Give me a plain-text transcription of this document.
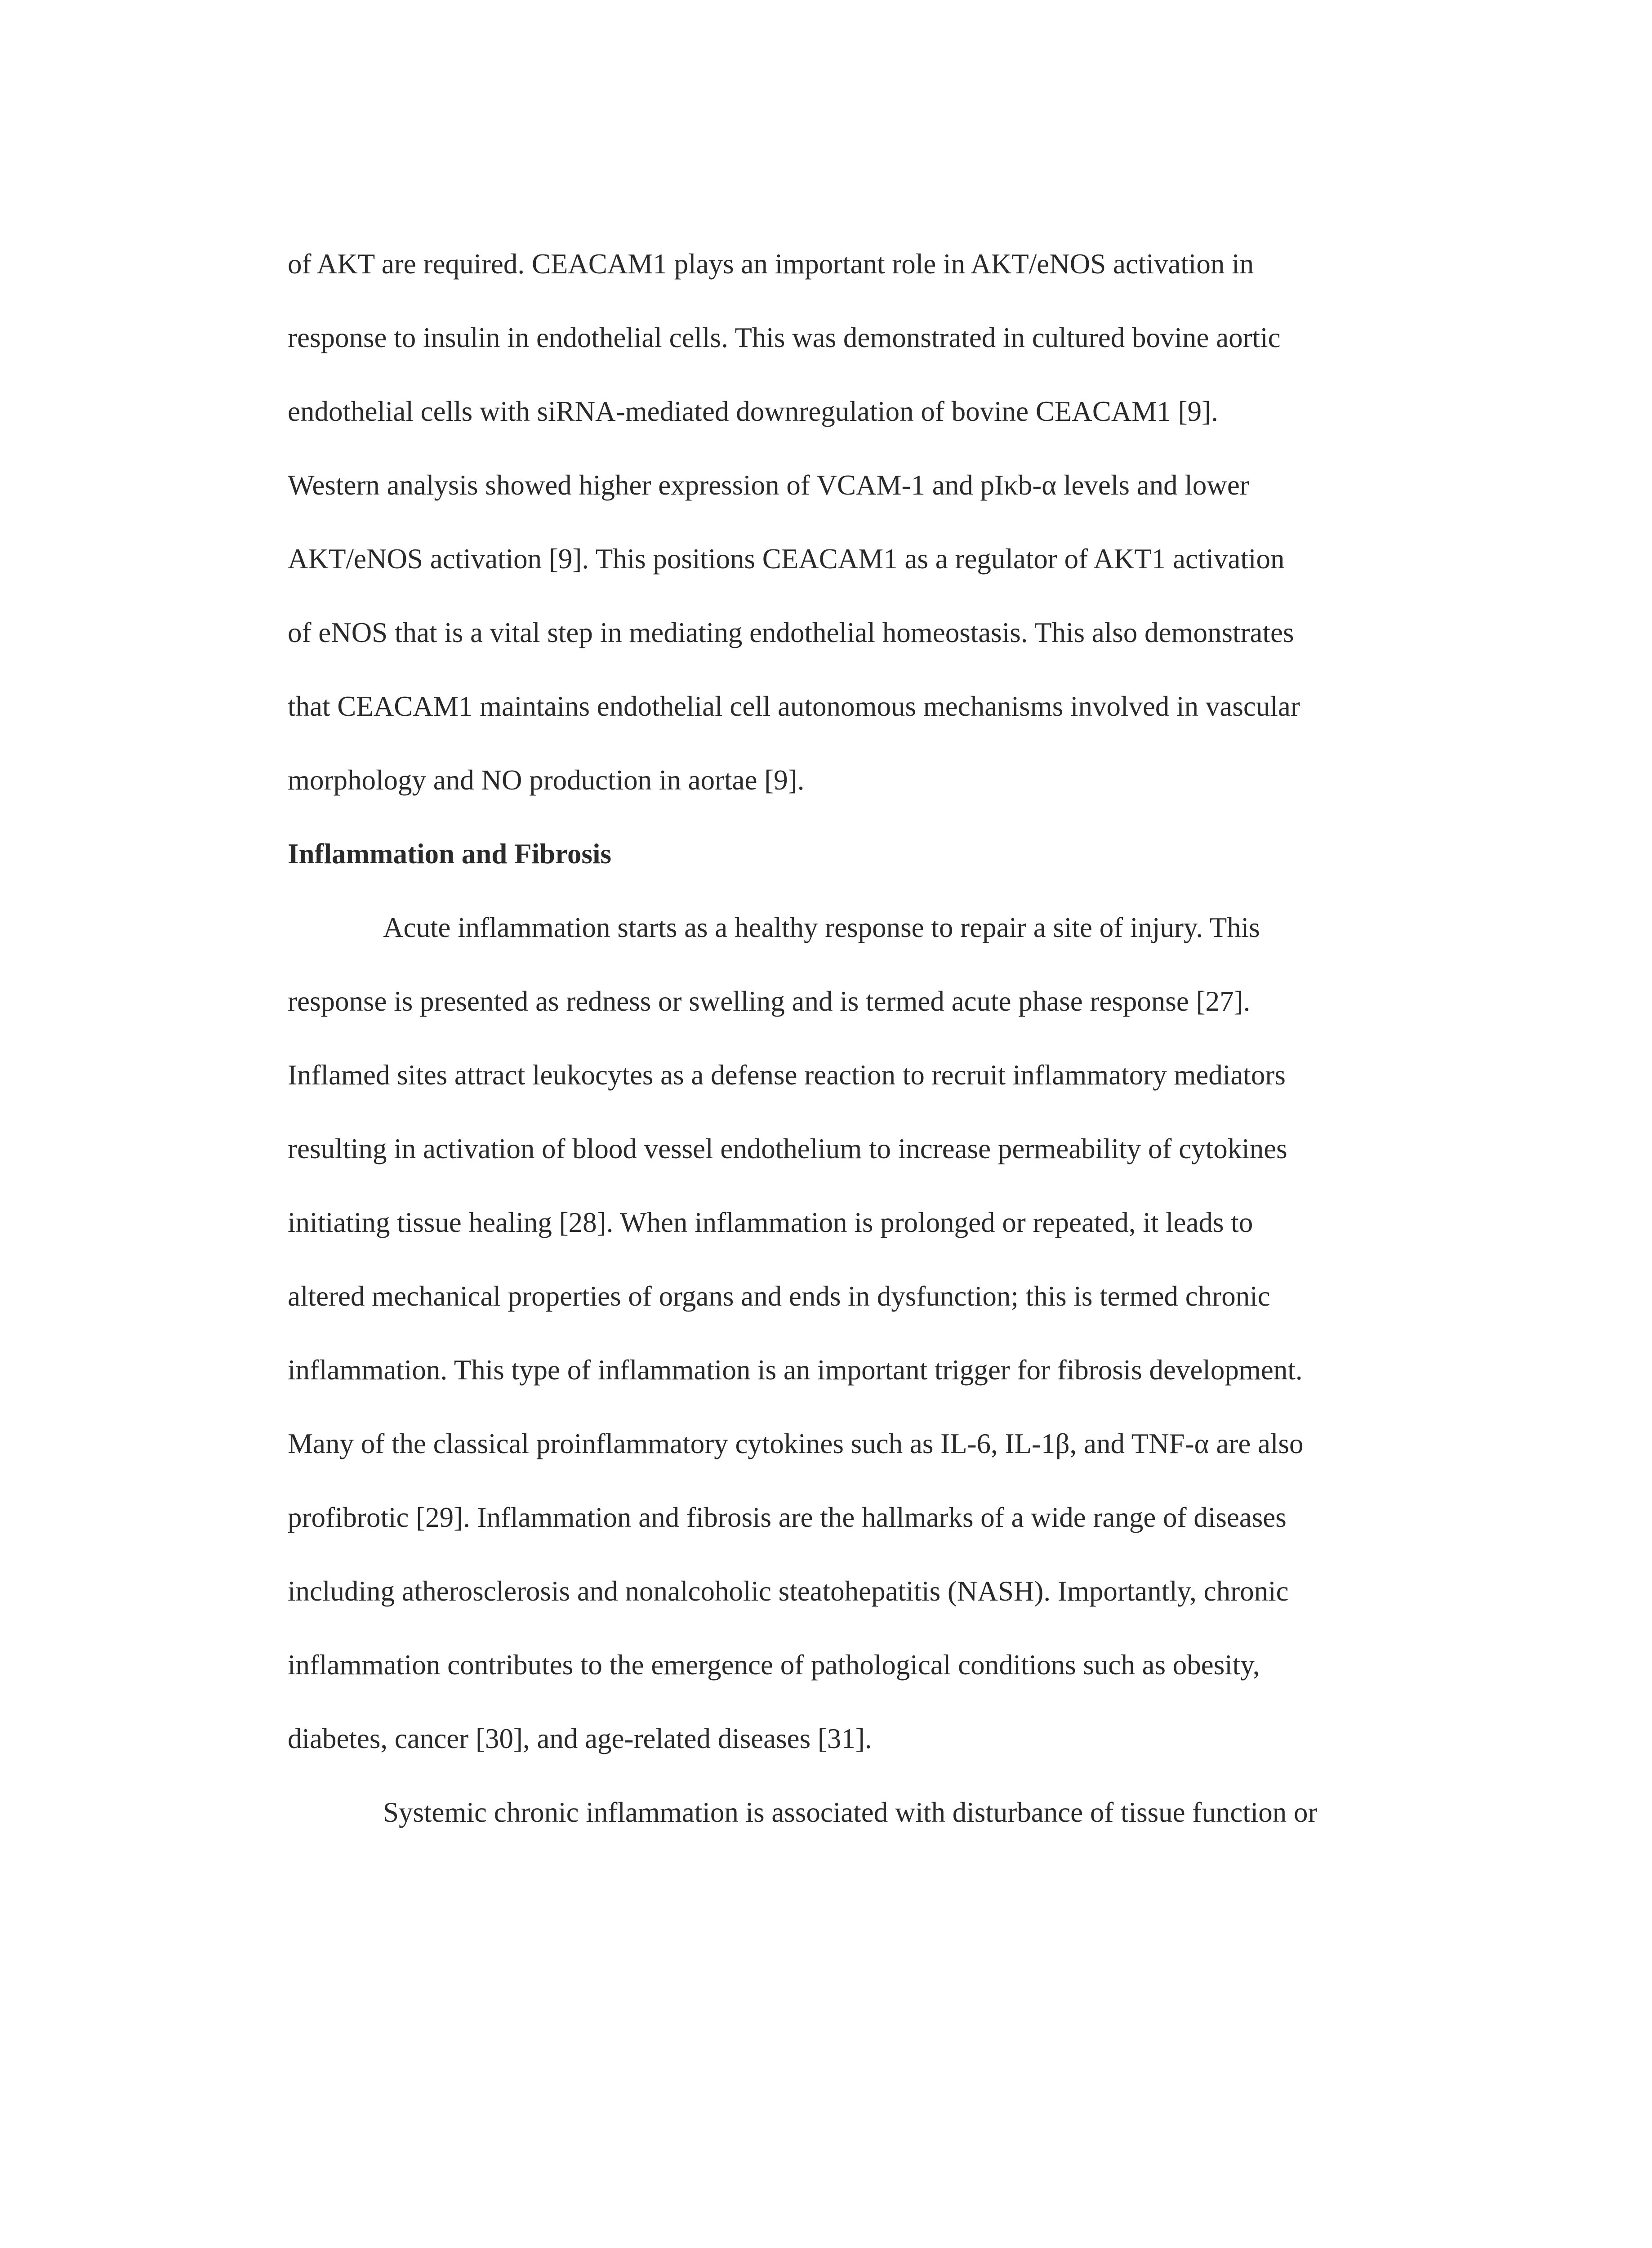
of AKT are required. CEACAM1 plays an important role in AKT/eNOS activation in
response to insulin in endothelial cells. This was demonstrated in cultured bovine aortic
endothelial cells with siRNA-mediated downregulation of bovine CEACAM1 [9].
Western analysis showed higher expression of VCAM-1 and pIκb-α levels and lower
AKT/eNOS activation [9]. This positions CEACAM1 as a regulator of AKT1 activation
of eNOS that is a vital step in mediating endothelial homeostasis. This also demonstrates
that CEACAM1 maintains endothelial cell autonomous mechanisms involved in vascular
morphology and NO production in aortae [9].
Inflammation and Fibrosis
Acute inflammation starts as a healthy response to repair a site of injury. This
response is presented as redness or swelling and is termed acute phase response [27].
Inflamed sites attract leukocytes as a defense reaction to recruit inflammatory mediators
resulting in activation of blood vessel endothelium to increase permeability of cytokines
initiating tissue healing [28]. When inflammation is prolonged or repeated, it leads to
altered mechanical properties of organs and ends in dysfunction; this is termed chronic
inflammation. This type of inflammation is an important trigger for fibrosis development.
Many of the classical proinflammatory cytokines such as IL-6, IL-1β, and TNF-α are also
profibrotic [29]. Inflammation and fibrosis are the hallmarks of a wide range of diseases
including atherosclerosis and nonalcoholic steatohepatitis (NASH). Importantly, chronic
inflammation contributes to the emergence of pathological conditions such as obesity,
diabetes, cancer [30], and age-related diseases [31].
Systemic chronic inflammation is associated with disturbance of tissue function or
